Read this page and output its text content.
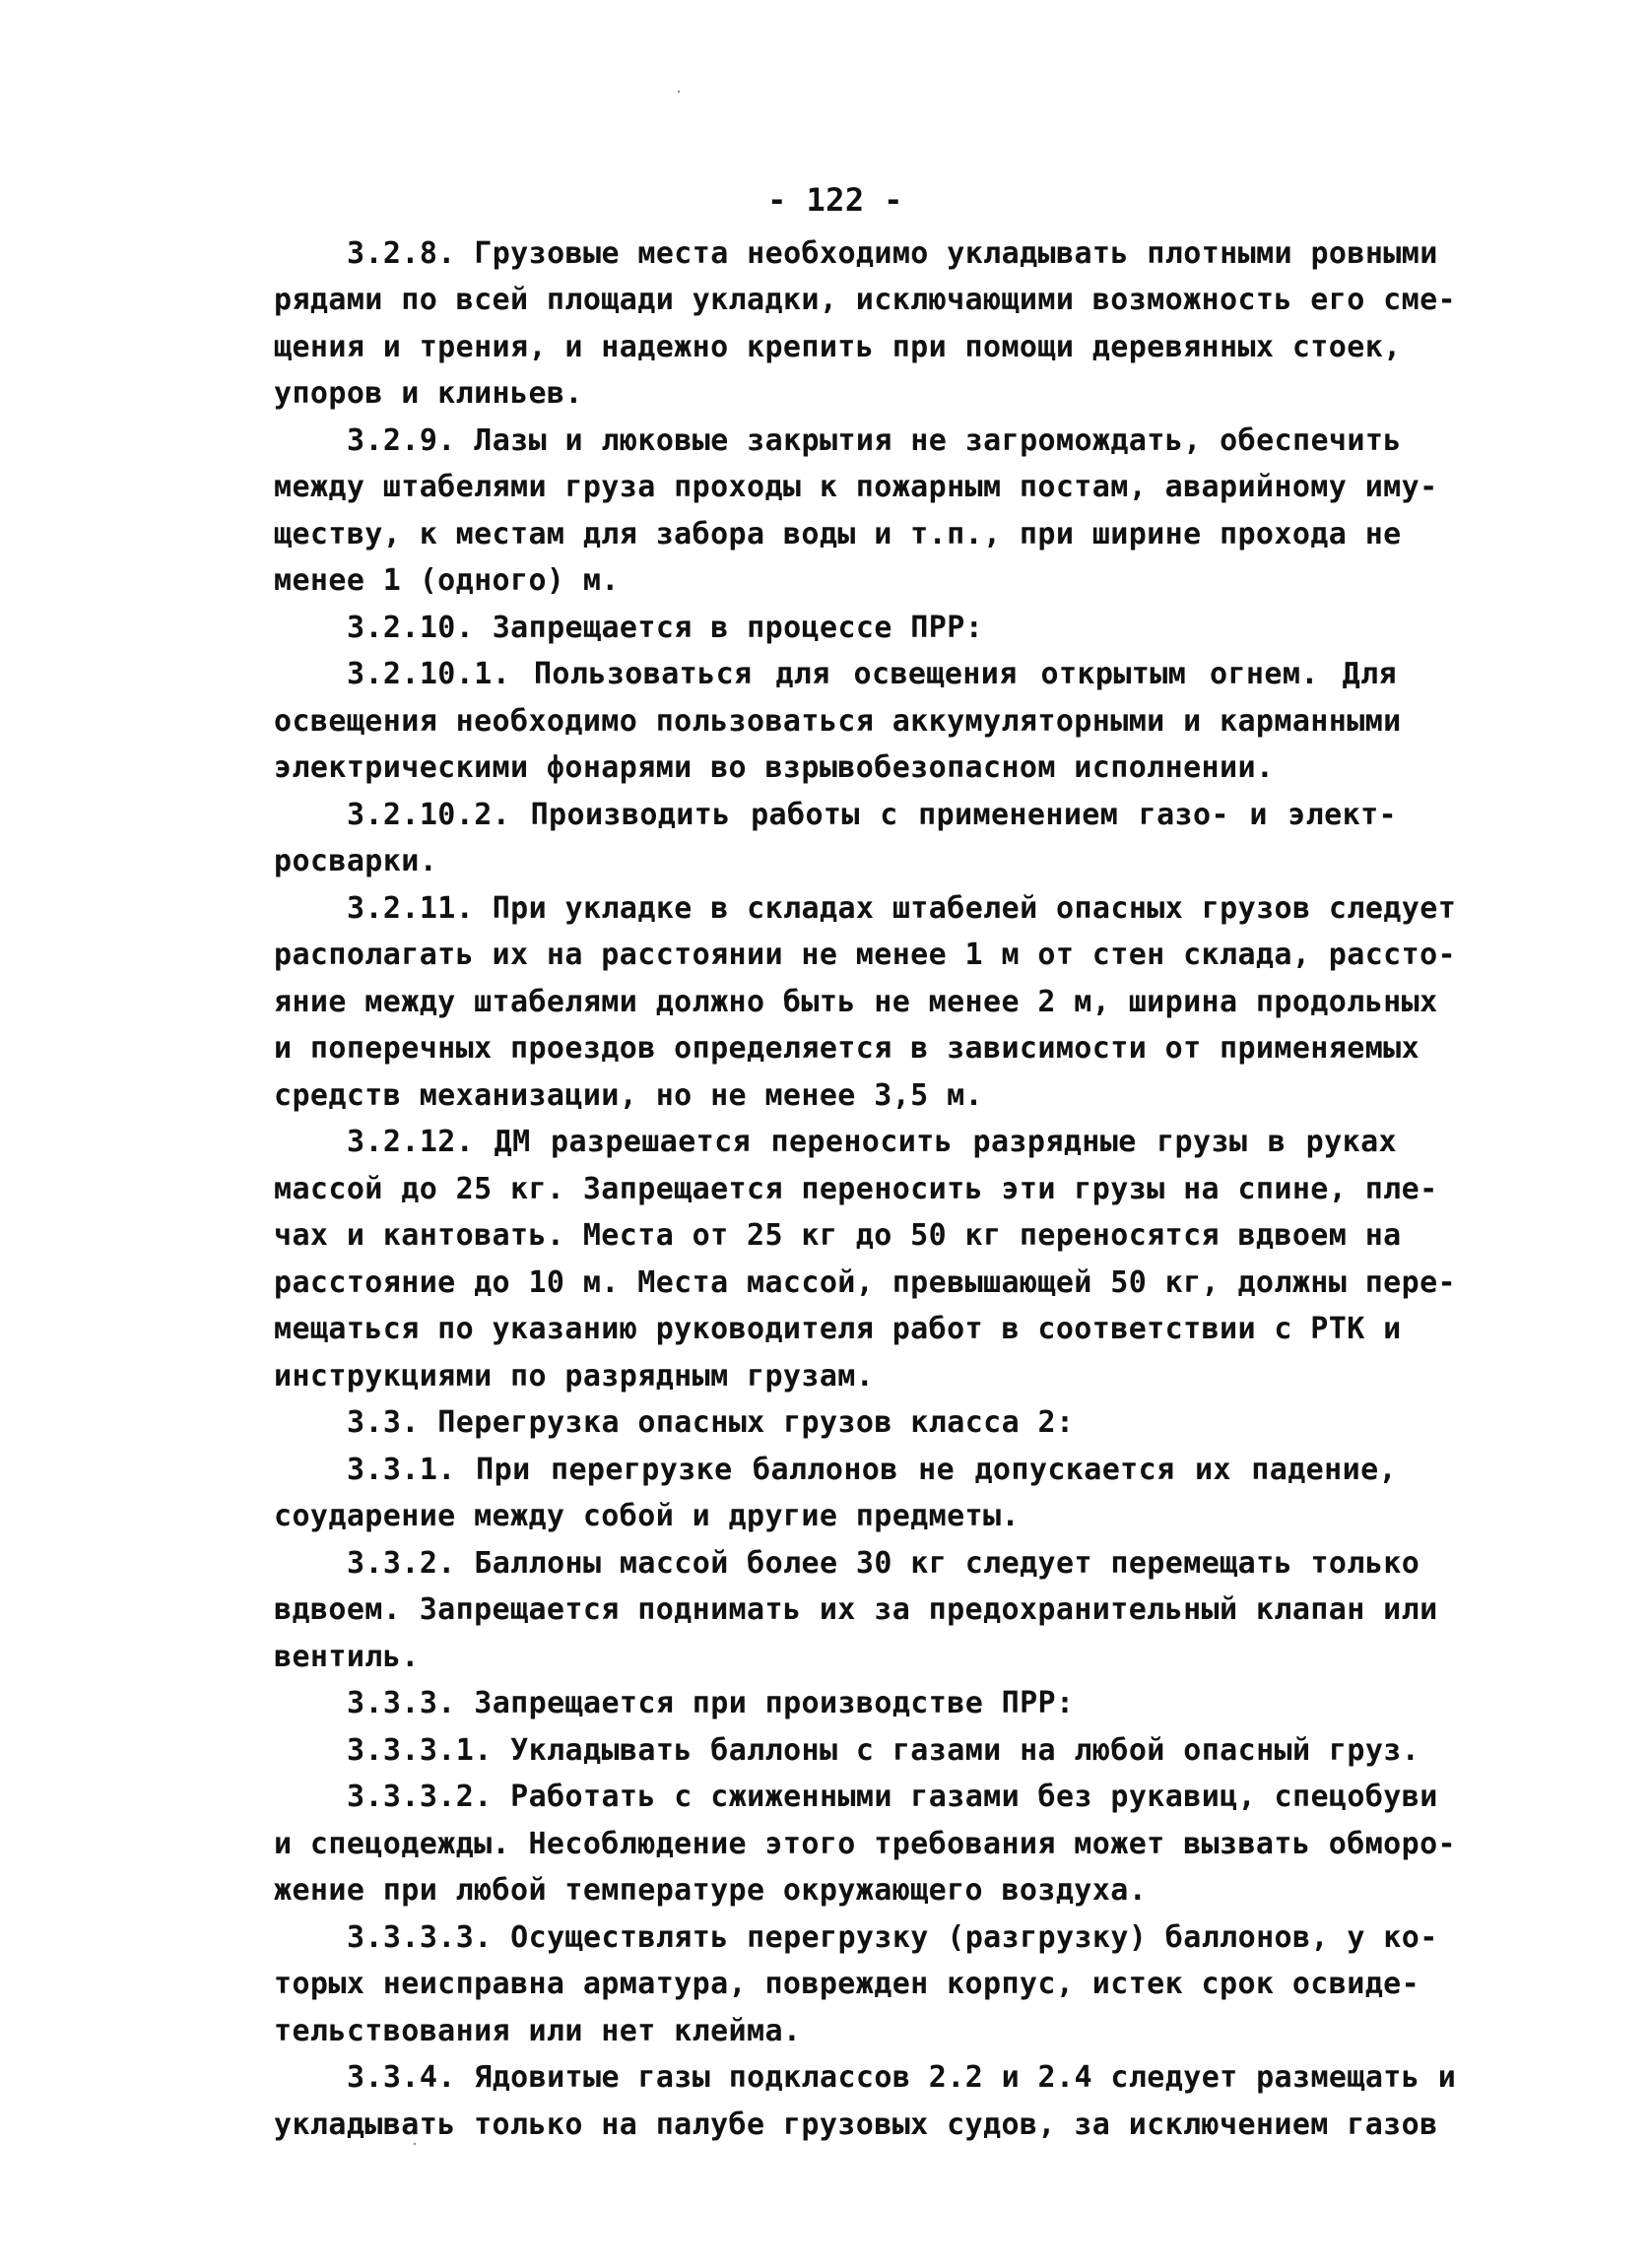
- 122 -
3.2.8. Грузовые места необходимо укладывать плотными ровными
рядами по всей площади укладки, исключающими возможность его сме-
щения и трения, и надежно крепить при помощи деревянных стоек,
упоров и клиньев.
3.2.9. Лазы и люковые закрытия не загромождать, обеспечить
между штабелями груза проходы к пожарным постам, аварийному иму-
ществу, к местам для забора воды и т.п., при ширине прохода не
менее 1 (одного) м.
3.2.10. Запрещается в процессе ПРР:
3.2.10.1. Пользоваться для освещения открытым огнем. Для
освещения необходимо пользоваться аккумуляторными и карманными
электрическими фонарями во взрывобезопасном исполнении.
3.2.10.2. Производить работы с применением газо- и элект-
росварки.
3.2.11. При укладке в складах штабелей опасных грузов следует
располагать их на расстоянии не менее 1 м от стен склада, рассто-
яние между штабелями должно быть не менее 2 м, ширина продольных
и поперечных проездов определяется в зависимости от применяемых
средств механизации, но не менее 3,5 м.
3.2.12. ДМ разрешается переносить разрядные грузы в руках
массой до 25 кг. Запрещается переносить эти грузы на спине, пле-
чах и кантовать. Места от 25 кг до 50 кг переносятся вдвоем на
расстояние до 10 м. Места массой, превышающей 50 кг, должны пере-
мещаться по указанию руководителя работ в соответствии с РТК и
инструкциями по разрядным грузам.
3.3. Перегрузка опасных грузов класса 2:
3.3.1. При перегрузке баллонов не допускается их падение,
соударение между собой и другие предметы.
3.3.2. Баллоны массой более 30 кг следует перемещать только
вдвоем. Запрещается поднимать их за предохранительный клапан или
вентиль.
3.3.3. Запрещается при производстве ПРР:
3.3.3.1. Укладывать баллоны с газами на любой опасный груз.
3.3.3.2. Работать с сжиженными газами без рукавиц, спецобуви
и спецодежды. Несоблюдение этого требования может вызвать обморо-
жение при любой температуре окружающего воздуха.
3.3.3.3. Осуществлять перегрузку (разгрузку) баллонов, у ко-
торых неисправна арматура, поврежден корпус, истек срок освиде-
тельствования или нет клейма.
3.3.4. Ядовитые газы подклассов 2.2 и 2.4 следует размещать и
укладывать только на палубе грузовых судов, за исключением газов
